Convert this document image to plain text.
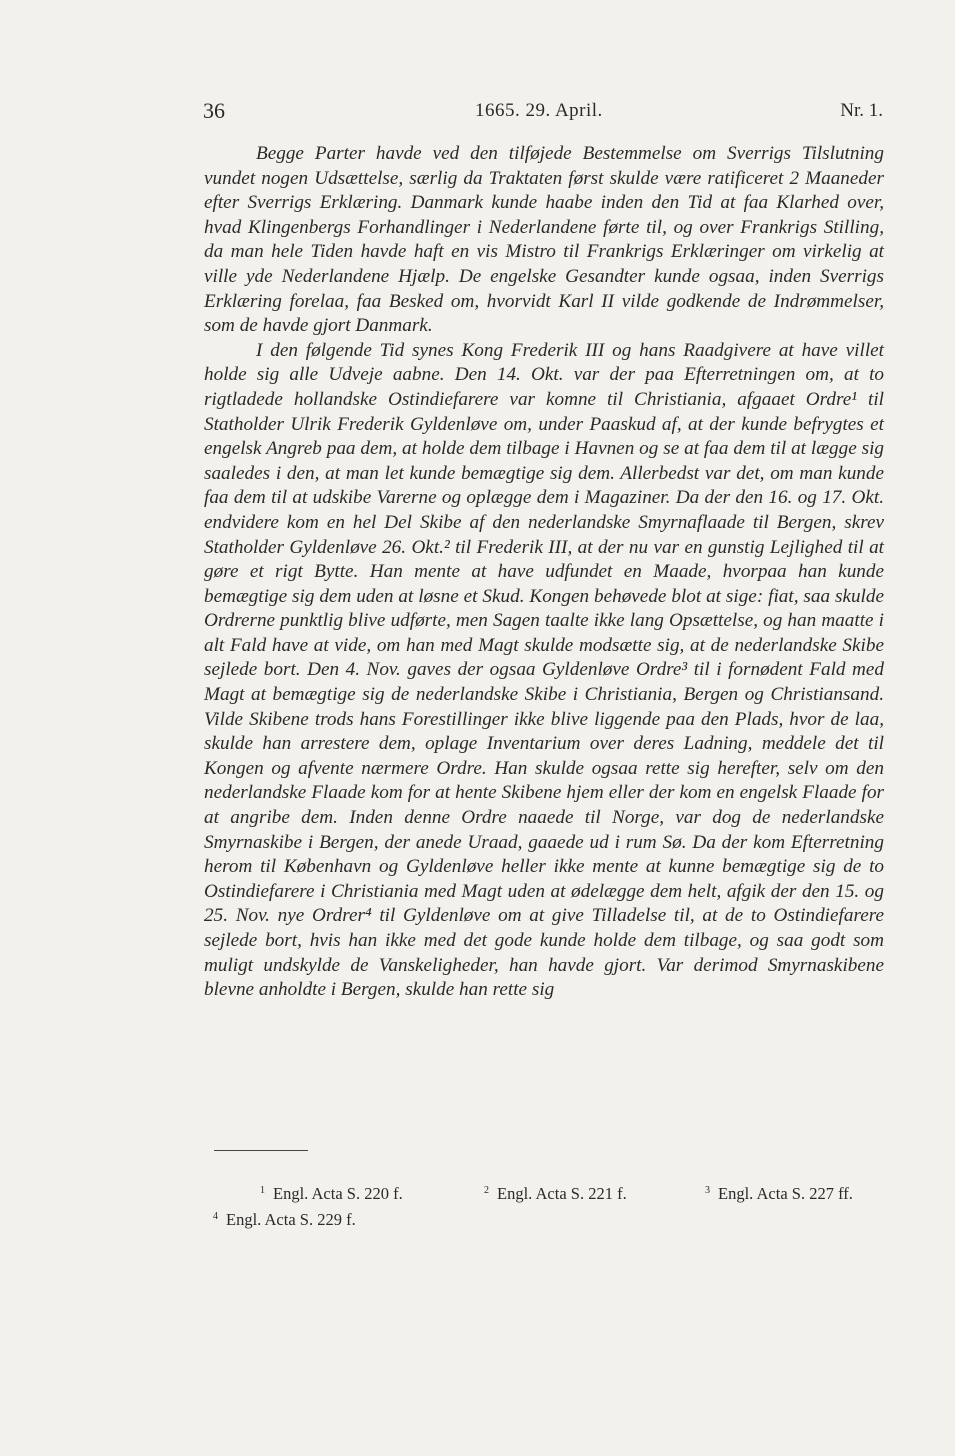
36	1665. 29. April.	Nr. 1.

Begge Parter havde ved den tilføjede Bestemmelse om Sverrigs Tilslutning vundet nogen Udsættelse, særlig da Traktaten først skulde være ratificeret 2 Maaneder efter Sverrigs Erklæring. Danmark kunde haabe inden den Tid at faa Klarhed over, hvad Klingenbergs Forhandlinger i Nederlandene førte til, og over Frankrigs Stilling, da man hele Tiden havde haft en vis Mistro til Frankrigs Erklæringer om virkelig at ville yde Nederlandene Hjælp. De engelske Gesandter kunde ogsaa, inden Sverrigs Erklæring forelaa, faa Besked om, hvorvidt Karl II vilde godkende de Indrømmelser, som de havde gjort Danmark.

I den følgende Tid synes Kong Frederik III og hans Raadgivere at have villet holde sig alle Udveje aabne. Den 14. Okt. var der paa Efterretningen om, at to rigtladede hollandske Ostindiefarere var komne til Christiania, afgaaet Ordre¹ til Statholder Ulrik Frederik Gyldenløve om, under Paaskud af, at der kunde befrygtes et engelsk Angreb paa dem, at holde dem tilbage i Havnen og se at faa dem til at lægge sig saaledes i den, at man let kunde bemægtige sig dem. Allerbedst var det, om man kunde faa dem til at udskibe Varerne og oplægge dem i Magaziner. Da der den 16. og 17. Okt. endvidere kom en hel Del Skibe af den nederlandske Smyrnaflaade til Bergen, skrev Statholder Gyldenløve 26. Okt.² til Frederik III, at der nu var en gunstig Lejlighed til at gøre et rigt Bytte. Han mente at have udfundet en Maade, hvorpaa han kunde bemægtige sig dem uden at løsne et Skud. Kongen behøvede blot at sige: fiat, saa skulde Ordrerne punktlig blive udførte, men Sagen taalte ikke lang Opsættelse, og han maatte i alt Fald have at vide, om han med Magt skulde modsætte sig, at de nederlandske Skibe sejlede bort. Den 4. Nov. gaves der ogsaa Gyldenløve Ordre³ til i fornødent Fald med Magt at bemægtige sig de nederlandske Skibe i Christiania, Bergen og Christiansand. Vilde Skibene trods hans Forestillinger ikke blive liggende paa den Plads, hvor de laa, skulde han arrestere dem, oplage Inventarium over deres Ladning, meddele det til Kongen og afvente nærmere Ordre. Han skulde ogsaa rette sig herefter, selv om den nederlandske Flaade kom for at hente Skibene hjem eller der kom en engelsk Flaade for at angribe dem. Inden denne Ordre naaede til Norge, var dog de nederlandske Smyrnaskibe i Bergen, der anede Uraad, gaaede ud i rum Sø. Da der kom Efterretning herom til København og Gyldenløve heller ikke mente at kunne bemægtige sig de to Ostindiefarere i Christiania med Magt uden at ødelægge dem helt, afgik der den 15. og 25. Nov. nye Ordrer⁴ til Gyldenløve om at give Tilladelse til, at de to Ostindiefarere sejlede bort, hvis han ikke med det gode kunde holde dem tilbage, og saa godt som muligt undskylde de Vanskeligheder, han havde gjort. Var derimod Smyrnaskibene blevne anholdte i Bergen, skulde han rette sig

$^1$ Engl. Acta S. 220 f.	$^2$ Engl. Acta S. 221 f.	$^3$ Engl. Acta S. 227 ff.
$^4$ Engl. Acta S. 229 f.
